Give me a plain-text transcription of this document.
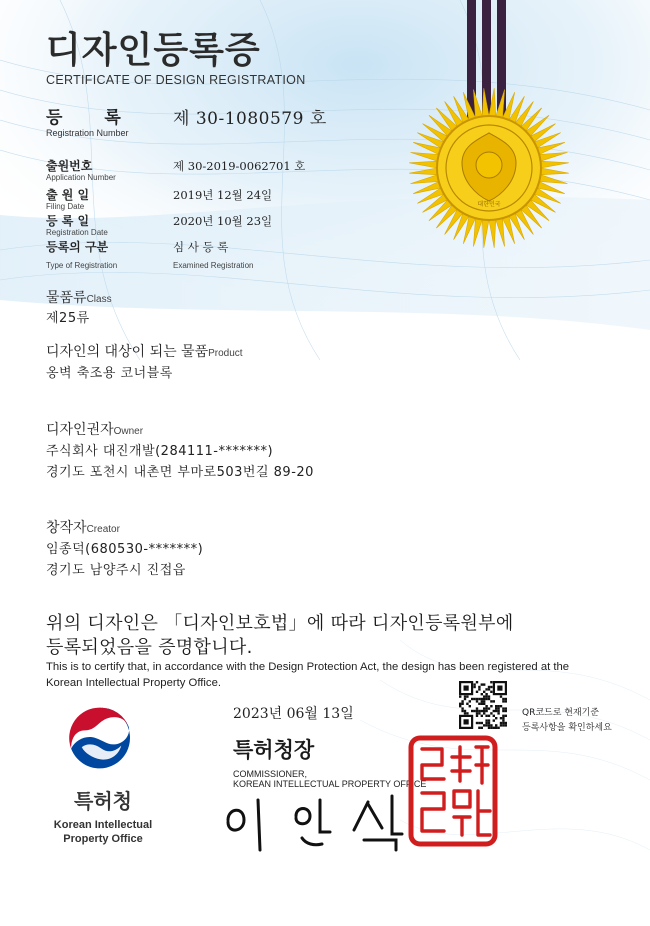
대한민국
디자인등록증
CERTIFICATE OF DESIGN REGISTRATION
등 록
Registration Number
제 30-1080579 호
출원번호
Application Number
제 30-2019-0062701 호
출 원 일
Filing Date
2019년 12월 24일
등 록 일
Registration Date
2020년 10월 23일
등록의 구분
Type of Registration
심 사 등 록
Examined Registration
물품류Class
제25류
디자인의 대상이 되는 물품Product
옹벽 축조용 코너블록
디자인권자Owner
주식회사 대진개발(284111-*******)
경기도 포천시 내촌면 부마로503번길 89-20
창작자Creator
임종덕(680530-*******)
경기도 남양주시 진접읍
위의 디자인은 「디자인보호법」에 따라 디자인등록원부에
등록되었음을 증명합니다.
This is to certify that, in accordance with the Design Protection Act, the design has been registered at the
Korean Intellectual Property Office.
특허청
Korean Intellectual
Property Office
2023년 06월 13일	QR코드로 현재기준
등록사항을 확인하세요
특허청장
COMMISSIONER,
KOREAN INTELLECTUAL PROPERTY OFFICE
특허청장인
